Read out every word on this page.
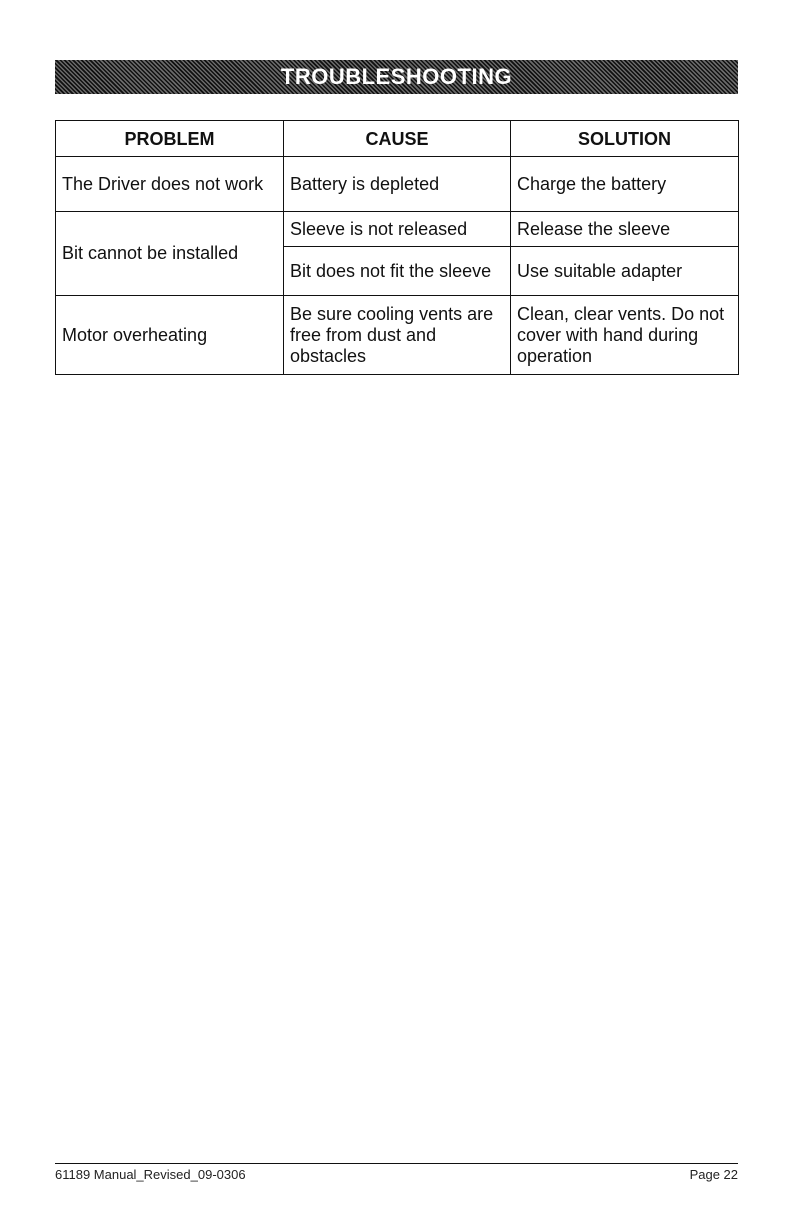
TROUBLESHOOTING
PROBLEM	CAUSE	SOLUTION
The Driver does not work	Battery is depleted	Charge the battery
Bit cannot be installed	Sleeve is not released	Release the sleeve
	Bit does not fit the sleeve	Use suitable adapter
Motor overheating	Be sure cooling vents are free from dust and obstacles	Clean, clear vents. Do not cover with hand during operation
61189 Manual_Revised_09-0306	Page 22
